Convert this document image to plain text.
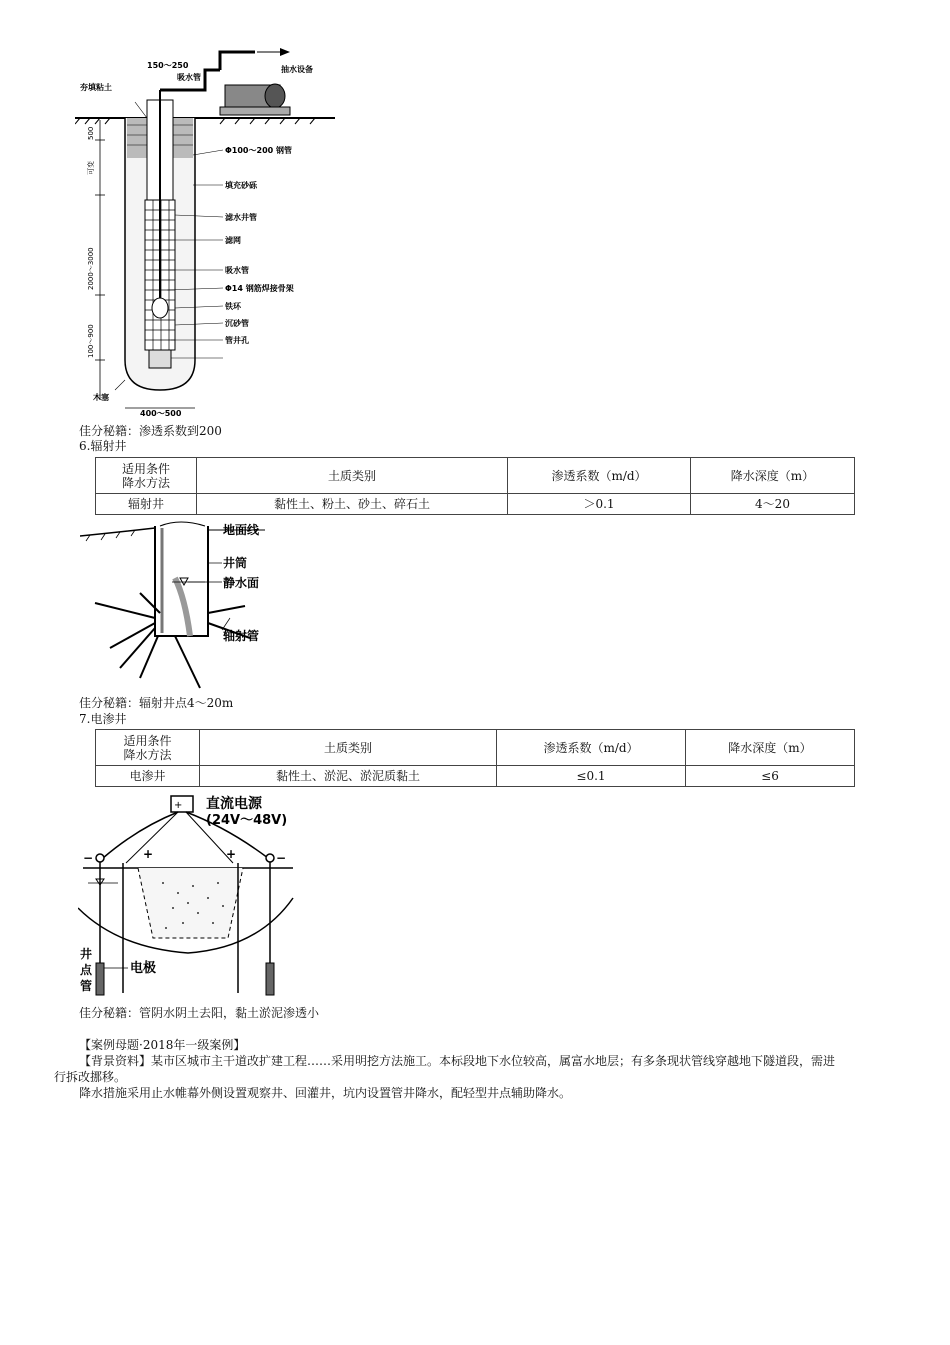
150～250
吸水管
抽水设备
夯填粘土
Φ100～200 钢管
填充砂砾
滤水井管
滤网
吸水管
Φ14 钢筋焊接骨架
铁环
沉砂管
管井孔
木塞
400～500
500
可变
2000～3000
100～900
佳分秘籍：渗透系数到200
6.辐射井
适用条件
降水方法	土质类别	渗透系数（m/d）	降水深度（m）
辐射井	黏性土、粉土、砂土、碎石土	＞0.1	4～20
地面线
井筒
静水面
轴射管
佳分秘籍：辐射井点4～20m
7.电渗井
适用条件
降水方法	土质类别	渗透系数（m/d）	降水深度（m）
电渗井	黏性土、淤泥、淤泥质黏土	≤0.1	≤6
+ 直流电源
(24V～48V)
−	−
+	+
井
点
管
电极
佳分秘籍：管阴水阴土去阳，黏土淤泥渗透小
【案例母题·2018年一级案例】
【背景资料】某市区城市主干道改扩建工程……采用明挖方法施工。本标段地下水位较高，属富水地层；有多条现状管线穿越地下隧道段，需进
行拆改挪移。
降水措施采用止水帷幕外侧设置观察井、回灌井，坑内设置管井降水，配轻型井点辅助降水。
